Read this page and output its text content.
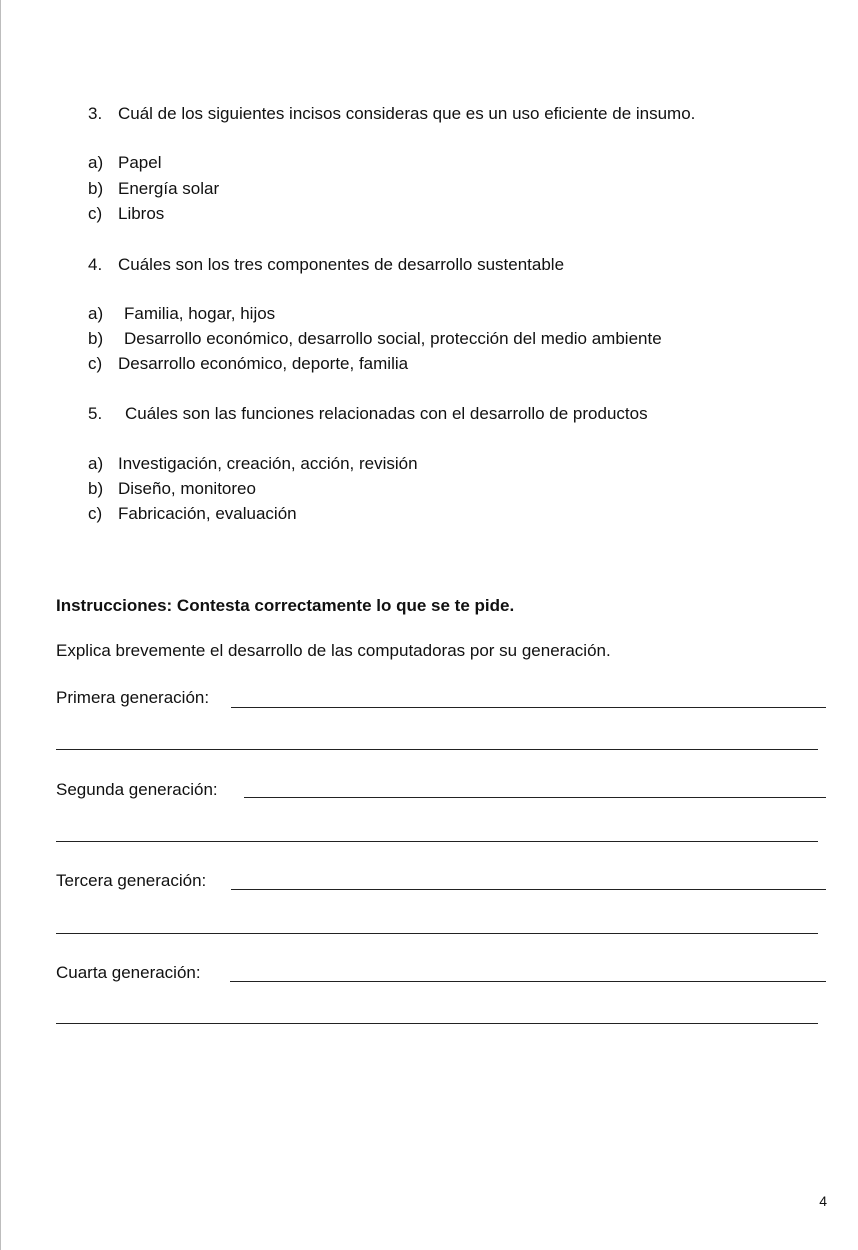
3. Cuál de los siguientes incisos consideras que es un uso eficiente de insumo.
a) Papel
b) Energía solar
c) Libros
4. Cuáles son los tres componentes de desarrollo sustentable
a) Familia, hogar, hijos
b) Desarrollo económico, desarrollo social, protección del medio ambiente
c) Desarrollo económico, deporte, familia
5. Cuáles son las funciones relacionadas con el desarrollo de productos
a) Investigación, creación, acción, revisión
b) Diseño, monitoreo
c) Fabricación, evaluación
Instrucciones: Contesta correctamente lo que se te pide.
Explica brevemente el desarrollo de las computadoras por su generación.
Primera generación:
Segunda generación:
Tercera generación:
Cuarta generación:
4
